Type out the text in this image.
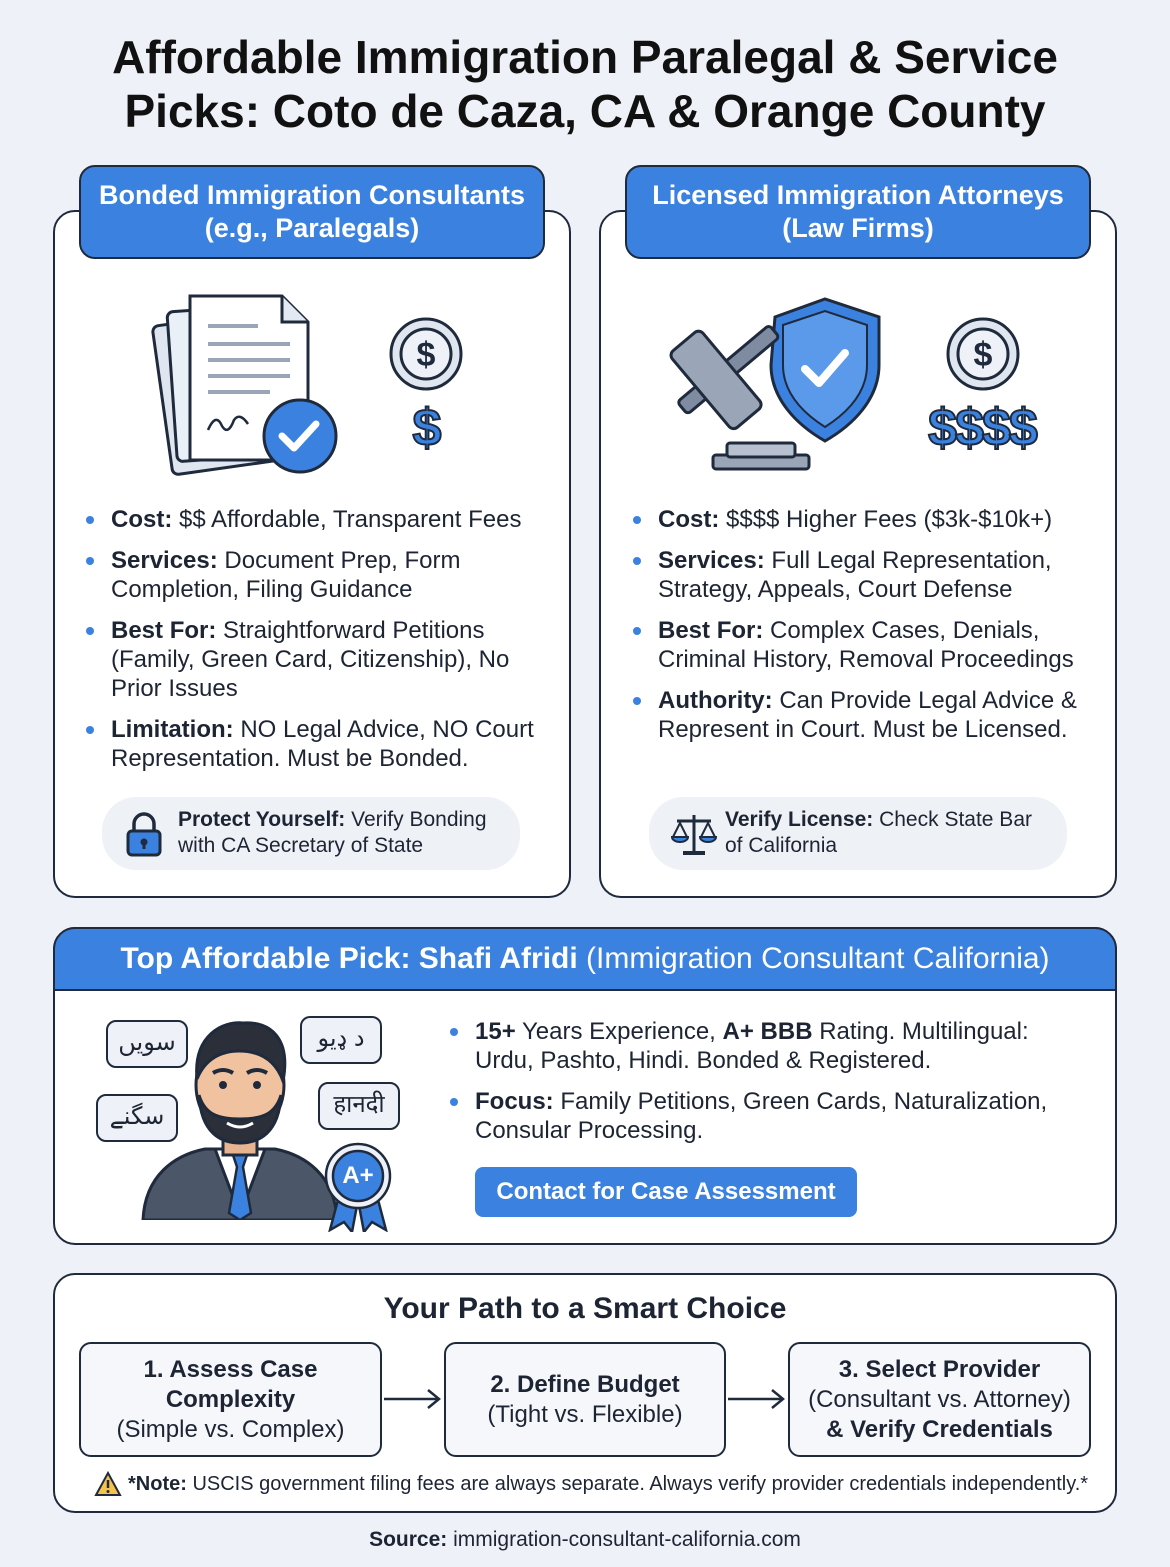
Affordable Immigration Paralegal & Service
Picks: Coto de Caza, CA & Orange County
Bonded Immigration Consultants
(e.g., Paralegals)
$
$
Cost: $$ Affordable, Transparent Fees
Services: Document Prep, Form Completion, Filing Guidance
Best For: Straightforward Petitions (Family, Green Card, Citizenship), No Prior Issues
Limitation: NO Legal Advice, NO Court Representation. Must be Bonded.
Protect Yourself: Verify Bonding with CA Secretary of State
Licensed Immigration Attorneys
(Law Firms)
$
$$$$
Cost: $$$$ Higher Fees ($3k-$10k+)
Services: Full Legal Representation, Strategy, Appeals, Court Defense
Best For: Complex Cases, Denials, Criminal History, Removal Proceedings
Authority: Can Provide Legal Advice & Represent in Court. Must be Licensed.
Verify License: Check State Bar of California
Top Affordable Pick: Shafi Afridi (Immigration Consultant California)
سویں	د ډیو
سگنے	हानदी
A+
15+ Years Experience, A+ BBB Rating. Multilingual: Urdu, Pashto, Hindi. Bonded & Registered.
Focus: Family Petitions, Green Cards, Naturalization, Consular Processing.
Contact for Case Assessment
Your Path to a Smart Choice
1. Assess Case Complexity
(Simple vs. Complex)
2. Define Budget
(Tight vs. Flexible)
3. Select Provider
(Consultant vs. Attorney)
& Verify Credentials
*Note: USCIS government filing fees are always separate. Always verify provider credentials independently.*
Source: immigration-consultant-california.com
